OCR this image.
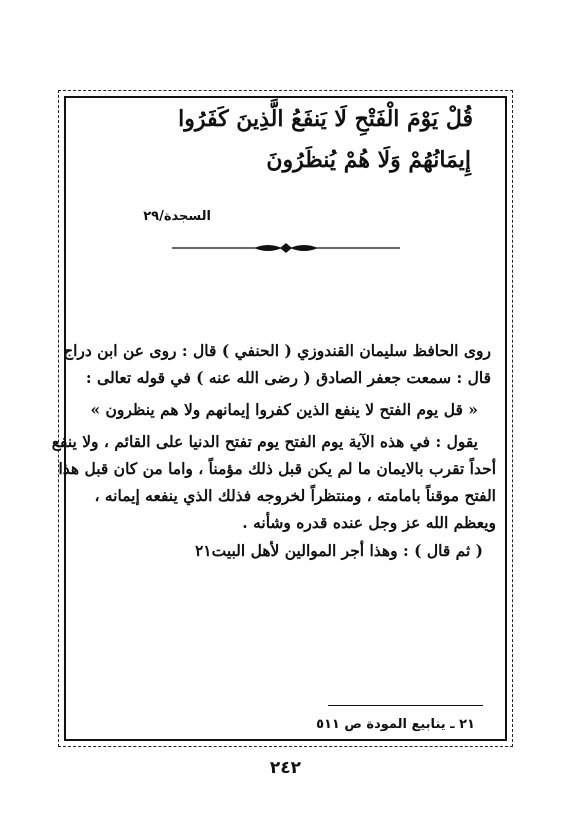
قُلْ يَوْمَ الْفَتْحِ لَا يَنفَعُ الَّذِينَ كَفَرُوا
إِيمَانُهُمْ وَلَا هُمْ يُنظَرُونَ
السجدة/٢٩
روى الحافظ سليمان القندوزي ( الحنفي ) قال : روى عن ابن دراج
قال : سمعت جعفر الصادق ( رضى الله عنه ) في قوله تعالى :
« قل يوم الفتح لا ينفع الذين كفروا إيمانهم ولا هم ينظرون »
يقول : في هذه الآية يوم الفتح يوم تفتح الدنيا على القائم ، ولا ينفع
أحداً تقرب بالايمان ما لم يكن قبل ذلك مؤمناً ، واما من كان قبل هذا
الفتح موقناً بامامته ، ومنتظراً لخروجه فذلك الذي ينفعه إيمانه ،
ويعظم الله عز وجل عنده قدره وشأنه .
( ثم قال ) : وهذا أجر الموالين لأهل البيت٢١
٢١ ـ ينابيع المودة ص ٥١١
٢٤٢
